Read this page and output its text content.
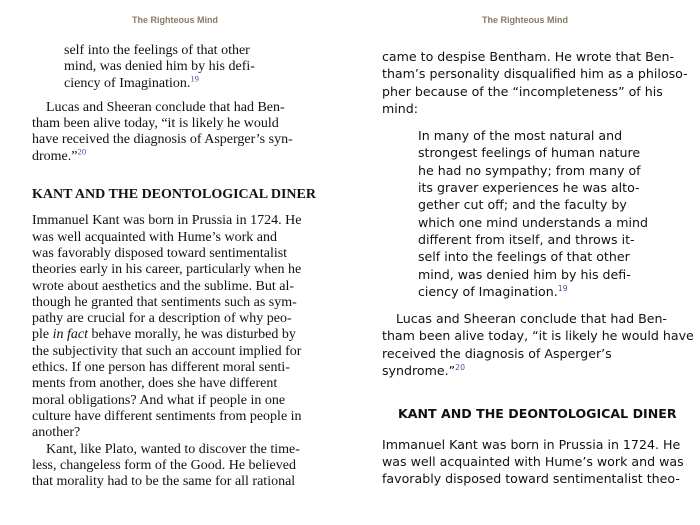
The Righteous Mind
self into the feelings of that other
mind, was denied him by his defi-
ciency of Imagination.$^{19}$
Lucas and Sheeran conclude that had Ben-
tham been alive today, “it is likely he would
have received the diagnosis of Asperger’s syn-
drome.”$^{20}$
KANT AND THE DEONTOLOGICAL DINER
Immanuel Kant was born in Prussia in 1724. He
was well acquainted with Hume’s work and
was favorably disposed toward sentimentalist
theories early in his career, particularly when he
wrote about aesthetics and the sublime. But al-
though he granted that sentiments such as sym-
pathy are crucial for a description of why peo-
ple in fact behave morally, he was disturbed by
the subjectivity that such an account implied for
ethics. If one person has different moral senti-
ments from another, does she have different
moral obligations? And what if people in one
culture have different sentiments from people in
another?
Kant, like Plato, wanted to discover the time-
less, changeless form of the Good. He believed
that morality had to be the same for all rational
The Righteous Mind
came to despise Bentham. He wrote that Ben-
tham’s personality disqualified him as a philoso-
pher because of the “incompleteness” of his
mind:
In many of the most natural and
strongest feelings of human nature
he had no sympathy; from many of
its graver experiences he was alto-
gether cut off; and the faculty by
which one mind understands a mind
different from itself, and throws it-
self into the feelings of that other
mind, was denied him by his defi-
ciency of Imagination.$^{19}$
Lucas and Sheeran conclude that had Ben-
tham been alive today, “it is likely he would have
received the diagnosis of Asperger’s
syndrome.”$^{20}$
KANT AND THE DEONTOLOGICAL DINER
Immanuel Kant was born in Prussia in 1724. He
was well acquainted with Hume’s work and was
favorably disposed toward sentimentalist theo-
